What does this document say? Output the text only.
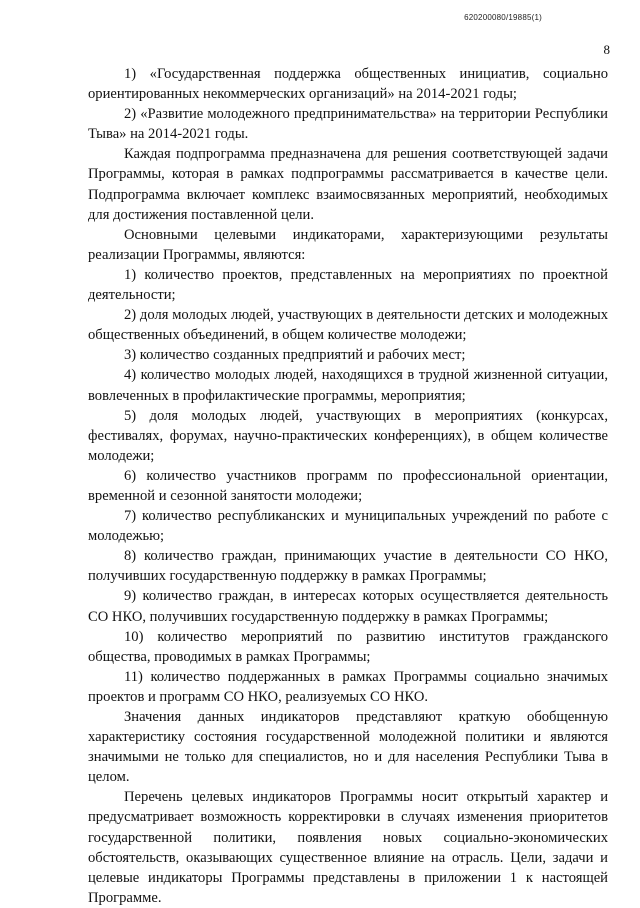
620200080/19885(1)
8

1) «Государственная поддержка общественных инициатив, социально ориентированных некоммерческих организаций» на 2014-2021 годы;

2) «Развитие молодежного предпринимательства» на территории Республики Тыва» на 2014-2021 годы.

Каждая подпрограмма предназначена для решения соответствующей задачи Программы, которая в рамках подпрограммы рассматривается в качестве цели. Подпрограмма включает комплекс взаимосвязанных мероприятий, необходимых для достижения поставленной цели.

Основными целевыми индикаторами, характеризующими результаты реализации Программы, являются:

1) количество проектов, представленных на мероприятиях по проектной деятельности;

2) доля молодых людей, участвующих в деятельности детских и молодежных общественных объединений, в общем количестве молодежи;

3) количество созданных предприятий и рабочих мест;

4) количество молодых людей, находящихся в трудной жизненной ситуации, вовлеченных в профилактические программы, мероприятия;

5) доля молодых людей, участвующих в мероприятиях (конкурсах, фестивалях, форумах, научно-практических конференциях), в общем количестве молодежи;

6) количество участников программ по профессиональной ориентации, временной и сезонной занятости молодежи;

7) количество республиканских и муниципальных учреждений по работе с молодежью;

8) количество граждан, принимающих участие в деятельности СО НКО, получивших государственную поддержку в рамках Программы;

9) количество граждан, в интересах которых осуществляется деятельность СО НКО, получивших государственную поддержку в рамках Программы;

10) количество мероприятий по развитию институтов гражданского общества, проводимых в рамках Программы;

11) количество поддержанных в рамках Программы социально значимых проектов и программ СО НКО, реализуемых СО НКО.

Значения данных индикаторов представляют краткую обобщенную характеристику состояния государственной молодежной политики и являются значимыми не только для специалистов, но и для населения Республики Тыва в целом.

Перечень целевых индикаторов Программы носит открытый характер и предусматривает возможность корректировки в случаях изменения приоритетов государственной политики, появления новых социально-экономических обстоятельств, оказывающих существенное влияние на отрасль. Цели, задачи и целевые индикаторы Программы представлены в приложении 1 к настоящей Программе.
